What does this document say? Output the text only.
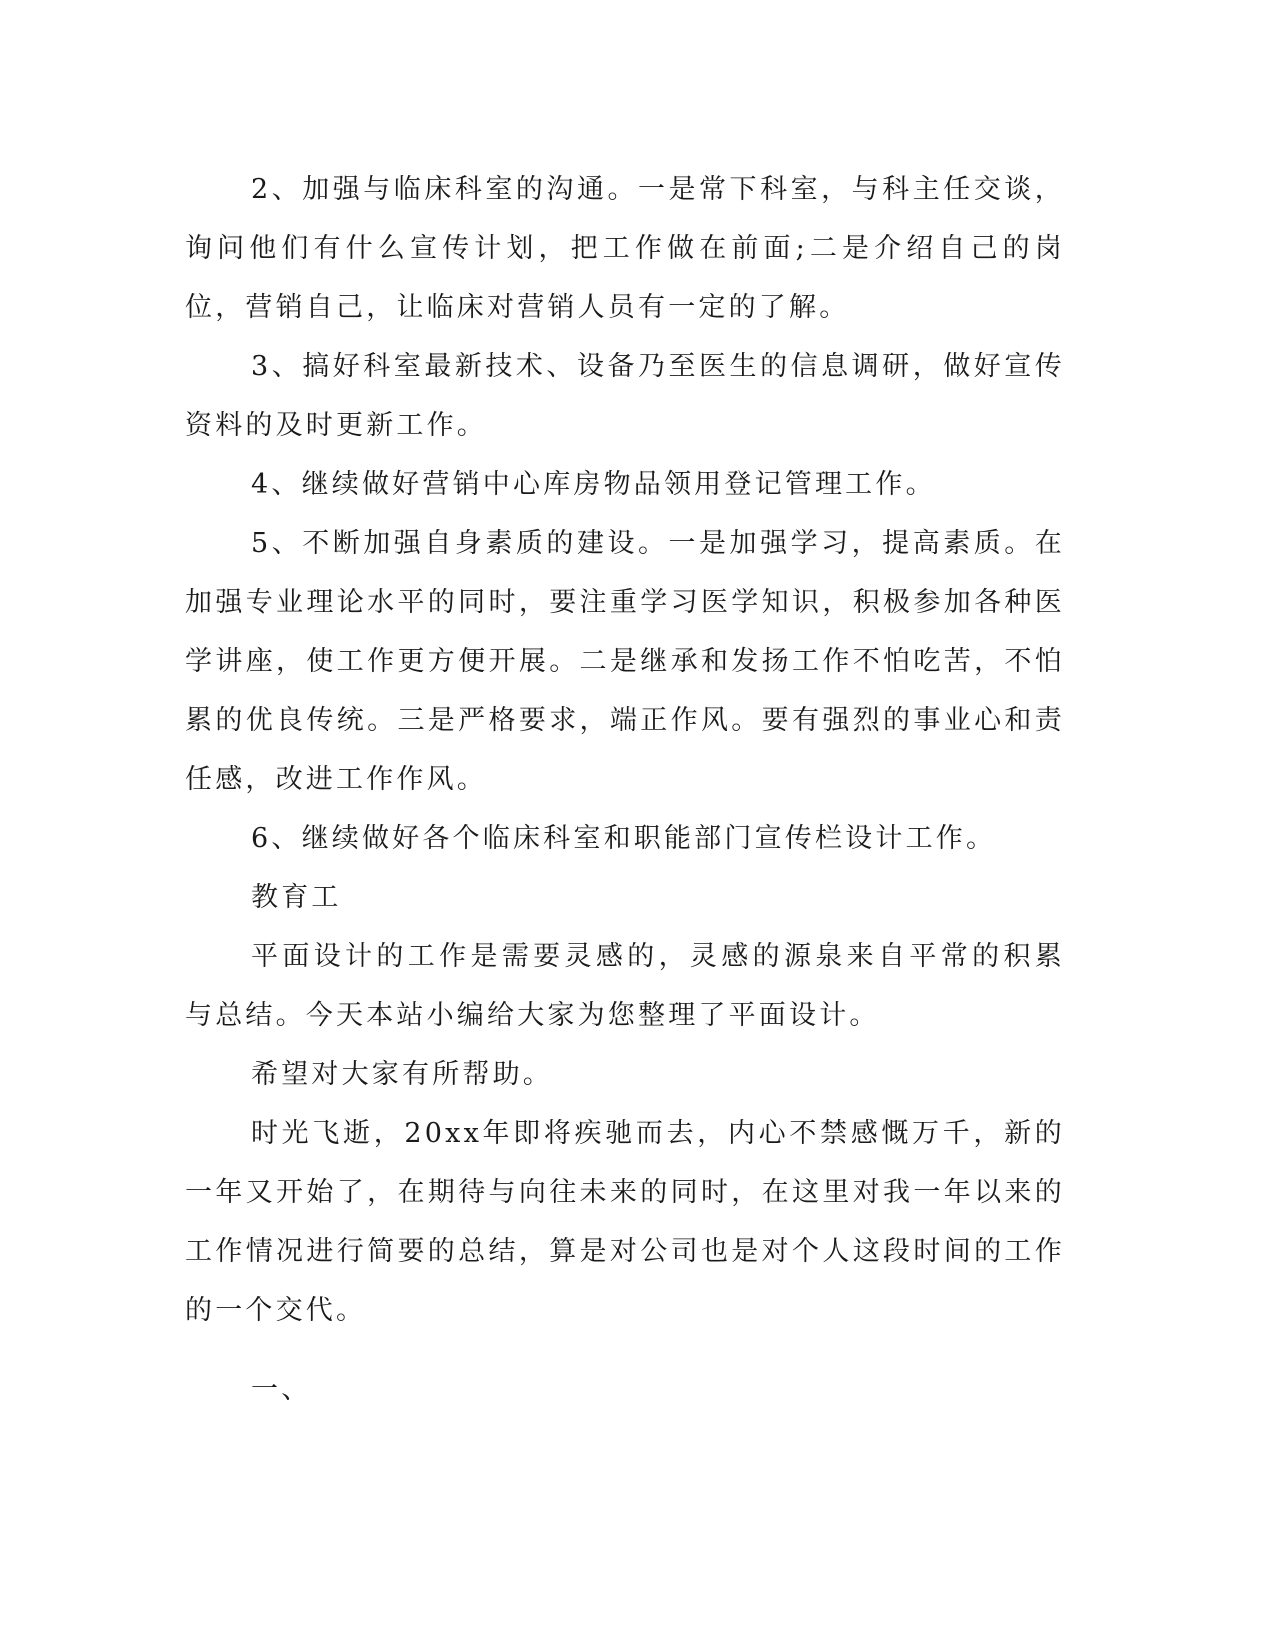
2、加强与临床科室的沟通。一是常下科室，与科主任交谈，询问他们有什么宣传计划，把工作做在前面;二是介绍自己的岗位，营销自己，让临床对营销人员有一定的了解。

3、搞好科室最新技术、设备乃至医生的信息调研，做好宣传资料的及时更新工作。

4、继续做好营销中心库房物品领用登记管理工作。

5、不断加强自身素质的建设。一是加强学习，提高素质。在加强专业理论水平的同时，要注重学习医学知识，积极参加各种医学讲座，使工作更方便开展。二是继承和发扬工作不怕吃苦，不怕累的优良传统。三是严格要求，端正作风。要有强烈的事业心和责任感，改进工作作风。

6、继续做好各个临床科室和职能部门宣传栏设计工作。

教育工

平面设计的工作是需要灵感的，灵感的源泉来自平常的积累与总结。今天本站小编给大家为您整理了平面设计。

希望对大家有所帮助。

时光飞逝，20xx年即将疾驰而去，内心不禁感慨万千，新的一年又开始了，在期待与向往未来的同时，在这里对我一年以来的工作情况进行简要的总结，算是对公司也是对个人这段时间的工作的一个交代。

一、
